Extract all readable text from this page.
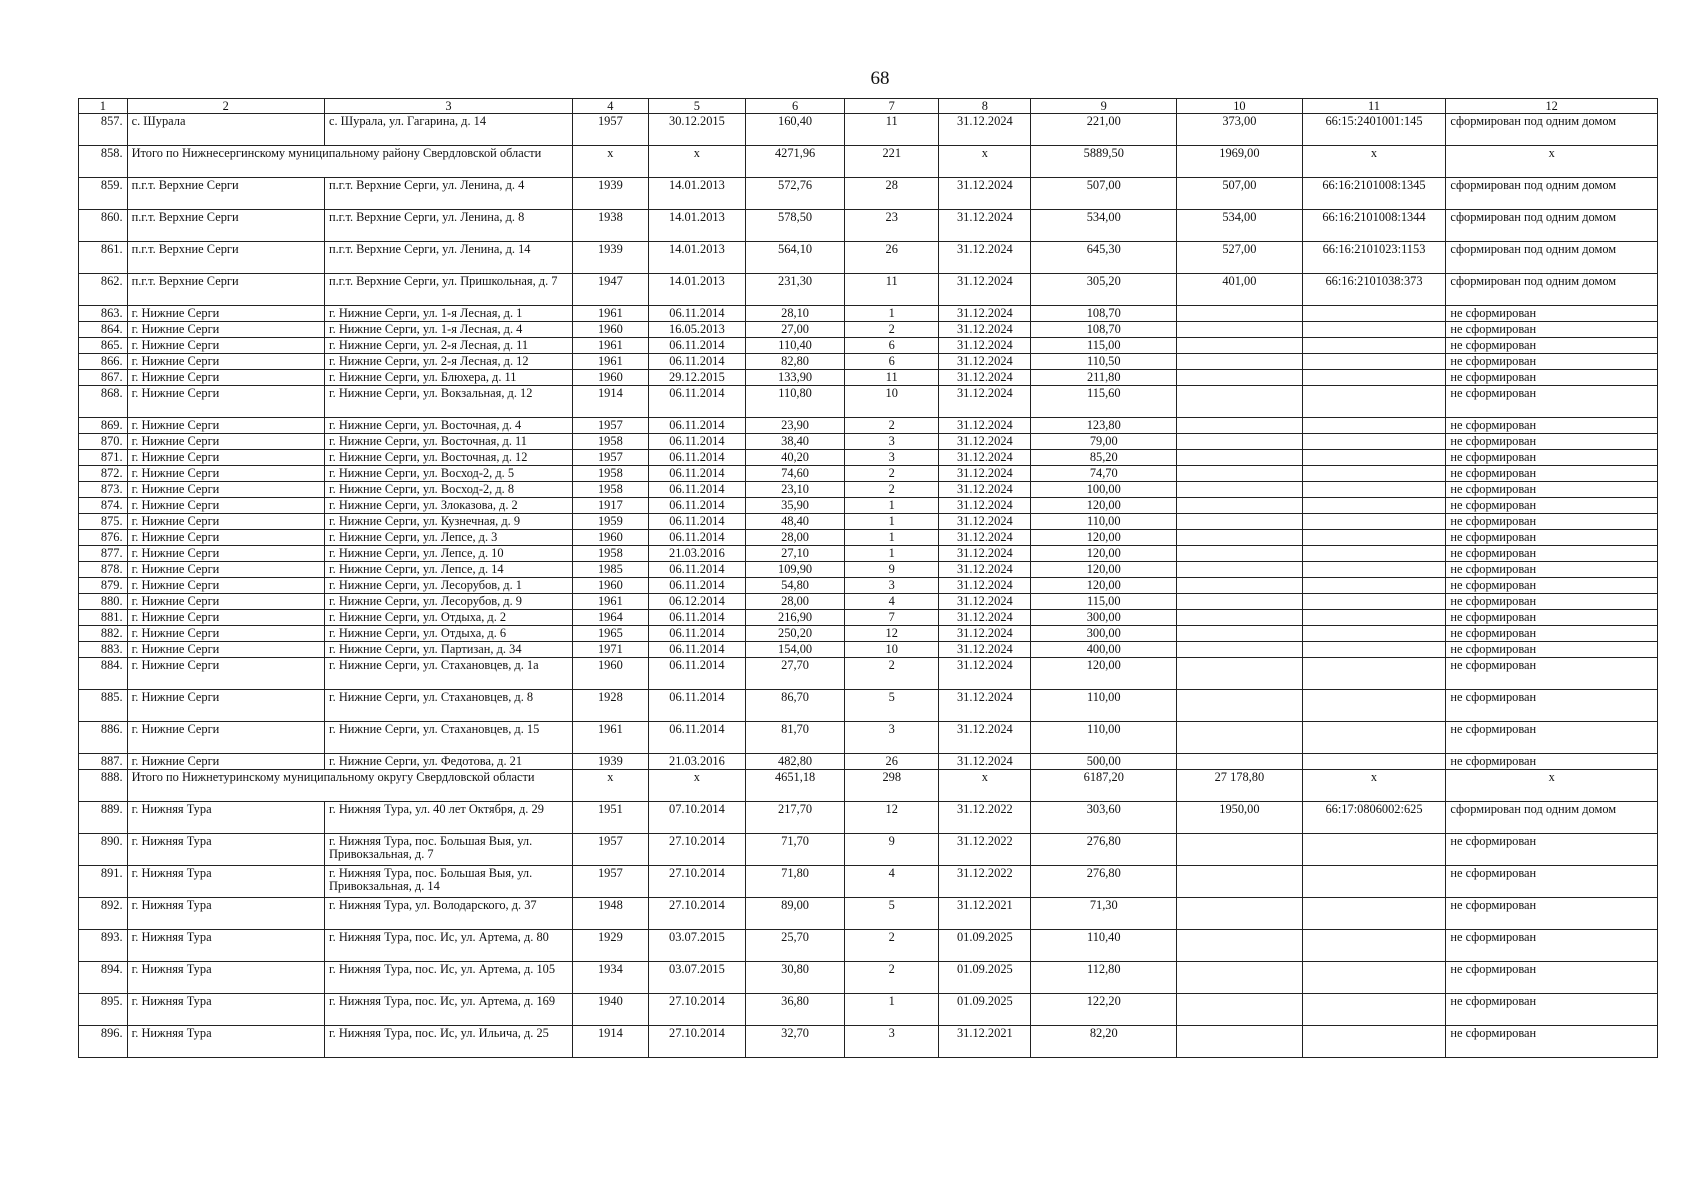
68
1	2	3	4	5	6	7	8	9	10	11	12
857.	с. Шурала	с. Шурала, ул. Гагарина, д. 14	1957	30.12.2015	160,40	11	31.12.2024	221,00	373,00	66:15:2401001:145	сформирован под одним домом
858.	Итого по Нижнесергинскому муниципальному району Свердловской области		х	х	4271,96	221	х	5889,50	1969,00	х	х
859.	п.г.т. Верхние Серги	п.г.т. Верхние Серги, ул. Ленина, д. 4	1939	14.01.2013	572,76	28	31.12.2024	507,00	507,00	66:16:2101008:1345	сформирован под одним домом
860.	п.г.т. Верхние Серги	п.г.т. Верхние Серги, ул. Ленина, д. 8	1938	14.01.2013	578,50	23	31.12.2024	534,00	534,00	66:16:2101008:1344	сформирован под одним домом
861.	п.г.т. Верхние Серги	п.г.т. Верхние Серги, ул. Ленина, д. 14	1939	14.01.2013	564,10	26	31.12.2024	645,30	527,00	66:16:2101023:1153	сформирован под одним домом
862.	п.г.т. Верхние Серги	п.г.т. Верхние Серги, ул. Пришкольная, д. 7	1947	14.01.2013	231,30	11	31.12.2024	305,20	401,00	66:16:2101038:373	сформирован под одним домом
863.	г. Нижние Серги	г. Нижние Серги, ул. 1-я Лесная, д. 1	1961	06.11.2014	28,10	1	31.12.2024	108,70			не сформирован
864.	г. Нижние Серги	г. Нижние Серги, ул. 1-я Лесная, д. 4	1960	16.05.2013	27,00	2	31.12.2024	108,70			не сформирован
865.	г. Нижние Серги	г. Нижние Серги, ул. 2-я Лесная, д. 11	1961	06.11.2014	110,40	6	31.12.2024	115,00			не сформирован
866.	г. Нижние Серги	г. Нижние Серги, ул. 2-я Лесная, д. 12	1961	06.11.2014	82,80	6	31.12.2024	110,50			не сформирован
867.	г. Нижние Серги	г. Нижние Серги, ул. Блюхера, д. 11	1960	29.12.2015	133,90	11	31.12.2024	211,80			не сформирован
868.	г. Нижние Серги	г. Нижние Серги, ул. Вокзальная, д. 12	1914	06.11.2014	110,80	10	31.12.2024	115,60			не сформирован
869.	г. Нижние Серги	г. Нижние Серги, ул. Восточная, д. 4	1957	06.11.2014	23,90	2	31.12.2024	123,80			не сформирован
870.	г. Нижние Серги	г. Нижние Серги, ул. Восточная, д. 11	1958	06.11.2014	38,40	3	31.12.2024	79,00			не сформирован
871.	г. Нижние Серги	г. Нижние Серги, ул. Восточная, д. 12	1957	06.11.2014	40,20	3	31.12.2024	85,20			не сформирован
872.	г. Нижние Серги	г. Нижние Серги, ул. Восход-2, д. 5	1958	06.11.2014	74,60	2	31.12.2024	74,70			не сформирован
873.	г. Нижние Серги	г. Нижние Серги, ул. Восход-2, д. 8	1958	06.11.2014	23,10	2	31.12.2024	100,00			не сформирован
874.	г. Нижние Серги	г. Нижние Серги, ул. Злоказова, д. 2	1917	06.11.2014	35,90	1	31.12.2024	120,00			не сформирован
875.	г. Нижние Серги	г. Нижние Серги, ул. Кузнечная, д. 9	1959	06.11.2014	48,40	1	31.12.2024	110,00			не сформирован
876.	г. Нижние Серги	г. Нижние Серги, ул. Лепсе, д. 3	1960	06.11.2014	28,00	1	31.12.2024	120,00			не сформирован
877.	г. Нижние Серги	г. Нижние Серги, ул. Лепсе, д. 10	1958	21.03.2016	27,10	1	31.12.2024	120,00			не сформирован
878.	г. Нижние Серги	г. Нижние Серги, ул. Лепсе, д. 14	1985	06.11.2014	109,90	9	31.12.2024	120,00			не сформирован
879.	г. Нижние Серги	г. Нижние Серги, ул. Лесорубов, д. 1	1960	06.11.2014	54,80	3	31.12.2024	120,00			не сформирован
880.	г. Нижние Серги	г. Нижние Серги, ул. Лесорубов, д. 9	1961	06.12.2014	28,00	4	31.12.2024	115,00			не сформирован
881.	г. Нижние Серги	г. Нижние Серги, ул. Отдыха, д. 2	1964	06.11.2014	216,90	7	31.12.2024	300,00			не сформирован
882.	г. Нижние Серги	г. Нижние Серги, ул. Отдыха, д. 6	1965	06.11.2014	250,20	12	31.12.2024	300,00			не сформирован
883.	г. Нижние Серги	г. Нижние Серги, ул. Партизан, д. 34	1971	06.11.2014	154,00	10	31.12.2024	400,00			не сформирован
884.	г. Нижние Серги	г. Нижние Серги, ул. Стахановцев, д. 1а	1960	06.11.2014	27,70	2	31.12.2024	120,00			не сформирован
885.	г. Нижние Серги	г. Нижние Серги, ул. Стахановцев, д. 8	1928	06.11.2014	86,70	5	31.12.2024	110,00			не сформирован
886.	г. Нижние Серги	г. Нижние Серги, ул. Стахановцев, д. 15	1961	06.11.2014	81,70	3	31.12.2024	110,00			не сформирован
887.	г. Нижние Серги	г. Нижние Серги, ул. Федотова, д. 21	1939	21.03.2016	482,80	26	31.12.2024	500,00			не сформирован
888.	Итого по Нижнетуринскому муниципальному округу Свердловской области		х	х	4651,18	298	х	6187,20	27 178,80	х	х
889.	г. Нижняя Тура	г. Нижняя Тура, ул. 40 лет Октября, д. 29	1951	07.10.2014	217,70	12	31.12.2022	303,60	1950,00	66:17:0806002:625	сформирован под одним домом
890.	г. Нижняя Тура	г. Нижняя Тура, пос. Большая Выя, ул. Привокзальная, д. 7	1957	27.10.2014	71,70	9	31.12.2022	276,80			не сформирован
891.	г. Нижняя Тура	г. Нижняя Тура, пос. Большая Выя, ул. Привокзальная, д. 14	1957	27.10.2014	71,80	4	31.12.2022	276,80			не сформирован
892.	г. Нижняя Тура	г. Нижняя Тура, ул. Володарского, д. 37	1948	27.10.2014	89,00	5	31.12.2021	71,30			не сформирован
893.	г. Нижняя Тура	г. Нижняя Тура, пос. Ис, ул. Артема, д. 80	1929	03.07.2015	25,70	2	01.09.2025	110,40			не сформирован
894.	г. Нижняя Тура	г. Нижняя Тура, пос. Ис, ул. Артема, д. 105	1934	03.07.2015	30,80	2	01.09.2025	112,80			не сформирован
895.	г. Нижняя Тура	г. Нижняя Тура, пос. Ис, ул. Артема, д. 169	1940	27.10.2014	36,80	1	01.09.2025	122,20			не сформирован
896.	г. Нижняя Тура	г. Нижняя Тура, пос. Ис, ул. Ильича, д. 25	1914	27.10.2014	32,70	3	31.12.2021	82,20			не сформирован
